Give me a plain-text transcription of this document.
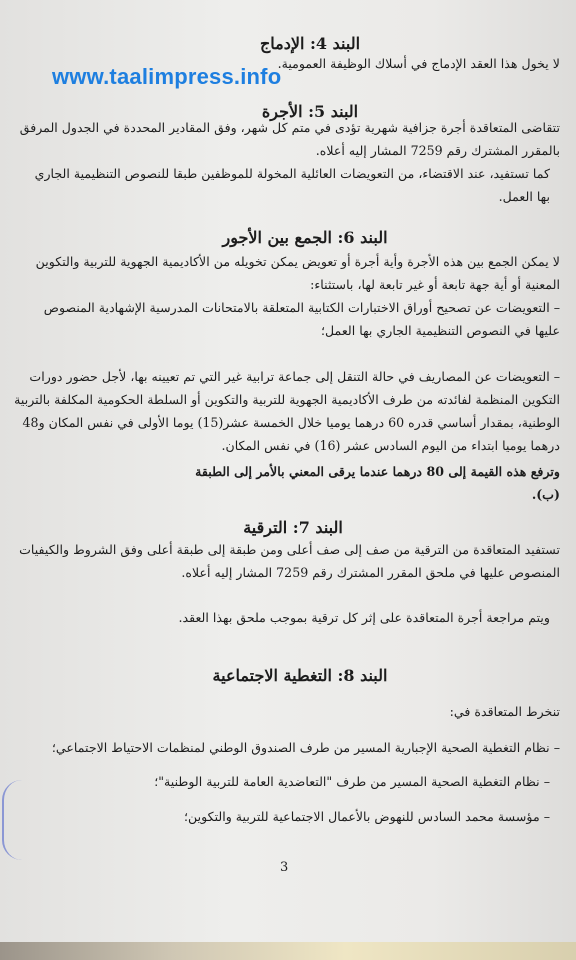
البند 4: الإدماج

لا يخول هذا العقد الإدماج في أسلاك الوظيفة العمومية.

www.taalimpress.info
البند 5: الأجرة

تتقاضى المتعاقدة أجرة جزافية شهرية تؤدى في متم كل شهر، وفق المقادير المحددة في الجدول المرفق بالمقرر المشترك رقم 7259 المشار إليه أعلاه.

كما تستفيد، عند الاقتضاء، من التعويضات العائلية المخولة للموظفين طبقا للنصوص التنظيمية الجاري بها العمل.

البند 6: الجمع بين الأجور

لا يمكن الجمع بين هذه الأجرة وأية أجرة أو تعويض يمكن تخويله من الأكاديمية الجهوية للتربية والتكوين المعنية أو أية جهة تابعة أو غير تابعة لها، باستثناء:

– التعويضات عن تصحيح أوراق الاختبارات الكتابية المتعلقة بالامتحانات المدرسية الإشهادية المنصوص عليها في النصوص التنظيمية الجاري بها العمل؛

– التعويضات عن المصاريف في حالة التنقل إلى جماعة ترابية غير التي تم تعيينه بها، لأجل حضور دورات التكوين المنظمة لفائدته من طرف الأكاديمية الجهوية للتربية والتكوين أو السلطة الحكومية المكلفة بالتربية الوطنية، بمقدار أساسي قدره 60 درهما يوميا خلال الخمسة عشر(15) يوما الأولى في نفس المكان و48 درهما يوميا ابتداء من اليوم السادس عشر (16) في نفس المكان.

وترفع هذه القيمة إلى 80 درهما عندما يرقى المعني بالأمر إلى الطبقة (ب).

البند 7: الترقية

تستفيد المتعاقدة من الترقية من صف إلى صف أعلى ومن طبقة إلى طبقة أعلى وفق الشروط والكيفيات المنصوص عليها في ملحق المقرر المشترك رقم 7259 المشار إليه أعلاه.

ويتم مراجعة أجرة المتعاقدة على إثر كل ترقية بموجب ملحق بهذا العقد.

البند 8: التغطية الاجتماعية

تنخرط المتعاقدة في:

– نظام التغطية الصحية الإجبارية المسير من طرف الصندوق الوطني لمنظمات الاحتياط الاجتماعي؛

– نظام التغطية الصحية المسير من طرف "التعاضدية العامة للتربية الوطنية"؛

– مؤسسة محمد السادس للنهوض بالأعمال الاجتماعية للتربية والتكوين؛

3
